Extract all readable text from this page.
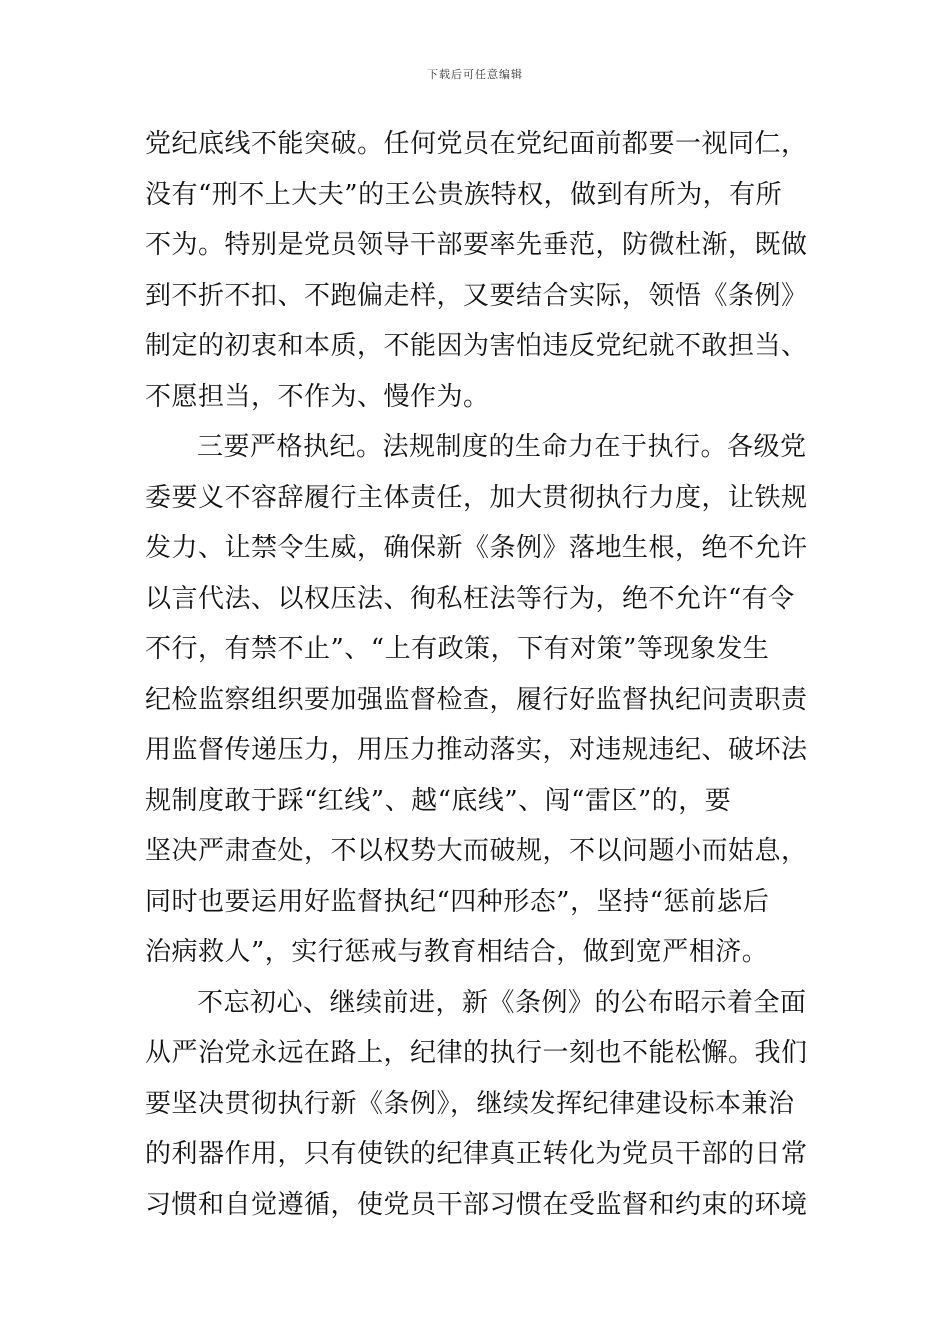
下载后可任意编辑
党纪底线不能突破。任何党员在党纪面前都要一视同仁，
没有“刑不上大夫”的王公贵族特权，做到有所为，有所
不为。特别是党员领导干部要率先垂范，防微杜渐，既做
到不折不扣、不跑偏走样，又要结合实际，领悟《条例》
制定的初衷和本质，不能因为害怕违反党纪就不敢担当、
不愿担当，不作为、慢作为。
三要严格执纪。法规制度的生命力在于执行。各级党
委要义不容辞履行主体责任，加大贯彻执行力度，让铁规
发力、让禁令生威，确保新《条例》落地生根，绝不允许
以言代法、以权压法、徇私枉法等行为，绝不允许“有令
不行，有禁不止”、“上有政策，下有对策”等现象发生
纪检监察组织要加强监督检查，履行好监督执纪问责职责
用监督传递压力，用压力推动落实，对违规违纪、破坏法
规制度敢于踩“红线”、越“底线”、闯“雷区”的，要
坚决严肃查处，不以权势大而破规，不以问题小而姑息，
同时也要运用好监督执纪“四种形态”，坚持“惩前毖后
治病救人”，实行惩戒与教育相结合，做到宽严相济。
不忘初心、继续前进，新《条例》的公布昭示着全面
从严治党永远在路上，纪律的执行一刻也不能松懈。我们
要坚决贯彻执行新《条例》，继续发挥纪律建设标本兼治
的利器作用，只有使铁的纪律真正转化为党员干部的日常
习惯和自觉遵循，使党员干部习惯在受监督和约束的环境
